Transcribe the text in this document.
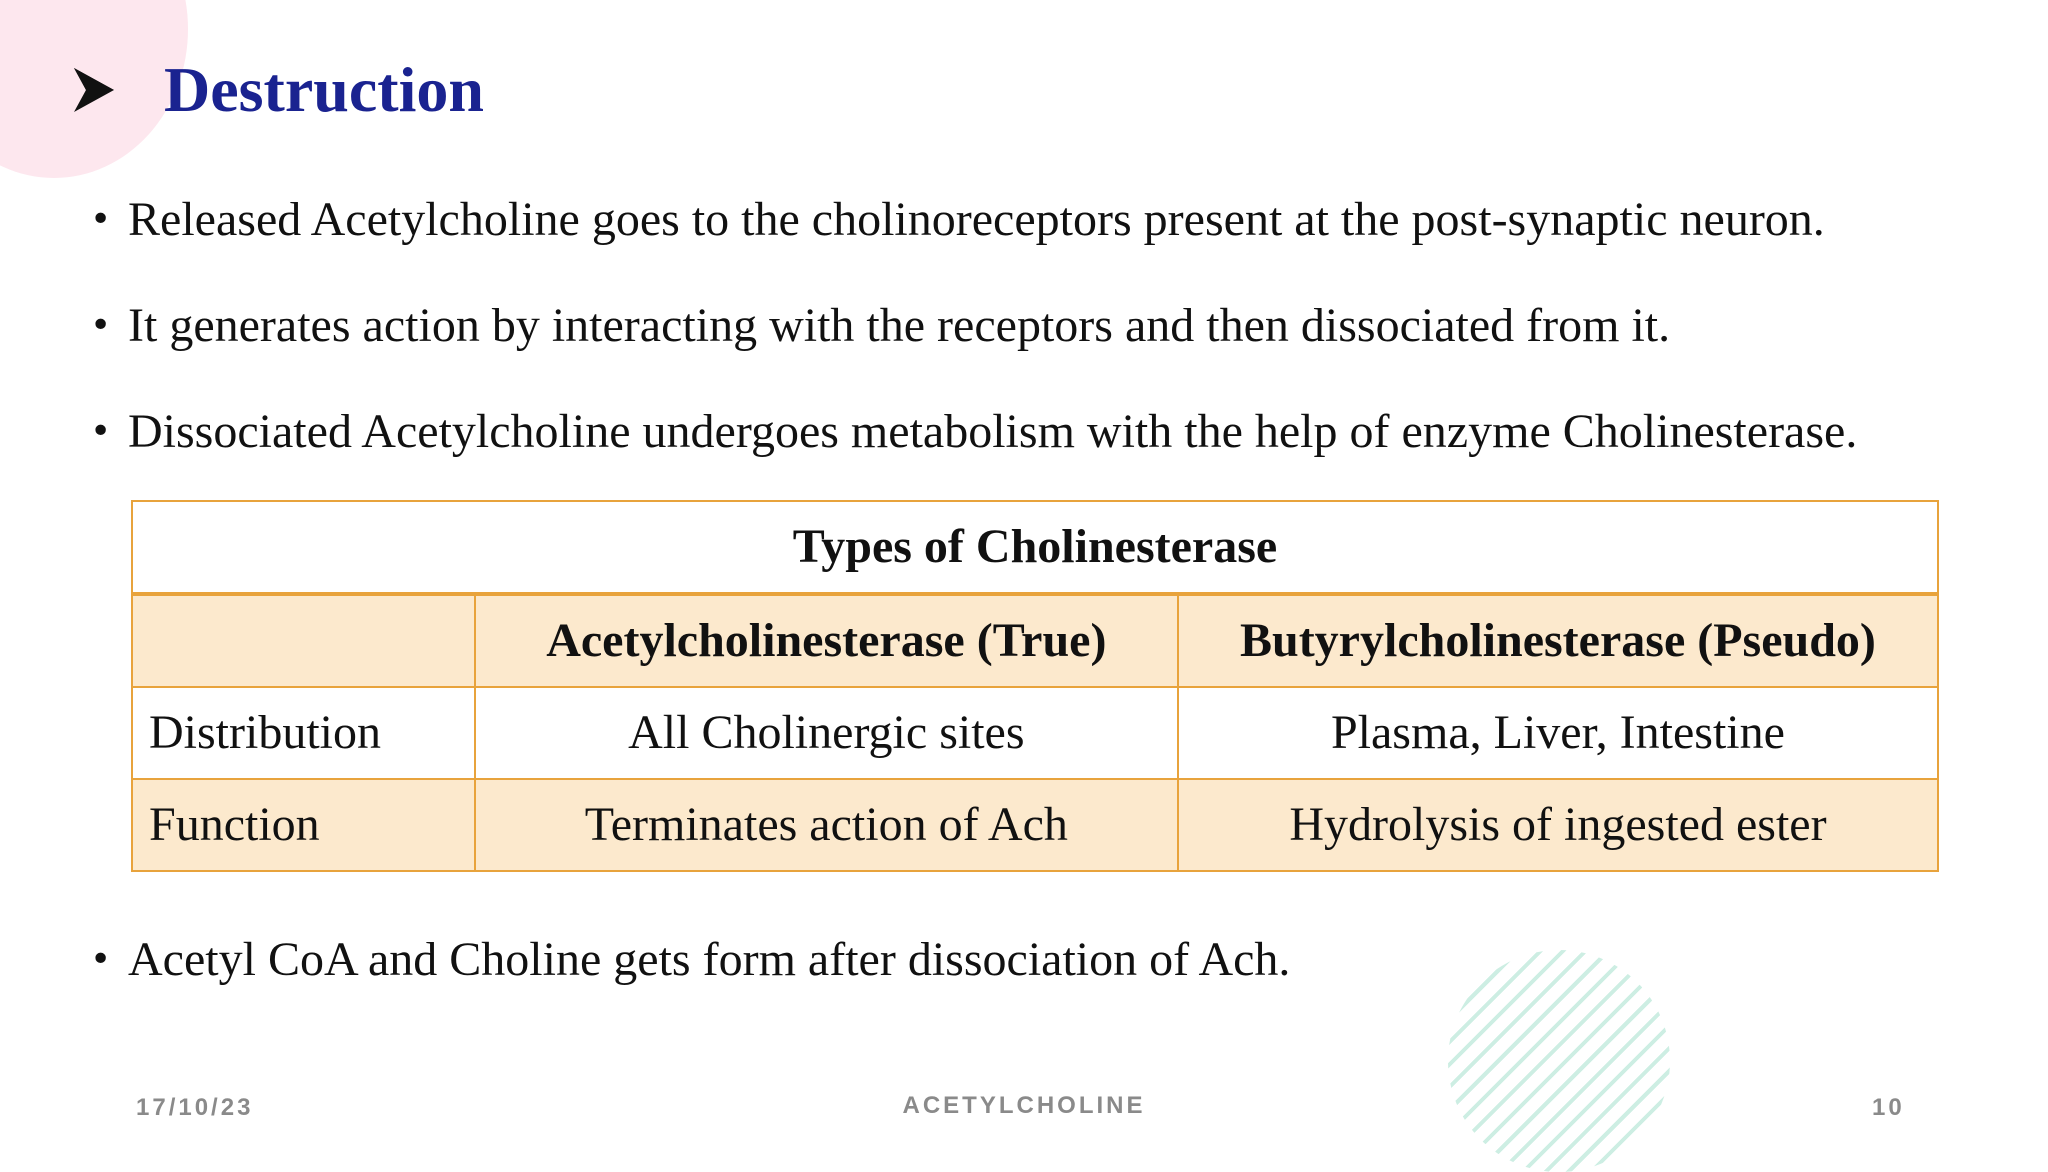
Destruction
• Released Acetylcholine goes to the cholinoreceptors present at the post-synaptic neuron.
• It generates action by interacting with the receptors and then dissociated from it.
• Dissociated Acetylcholine undergoes metabolism with the help of enzyme Cholinesterase.
Types of Cholinesterase		
	Acetylcholinesterase (True)	Butyrylcholinesterase (Pseudo)
Distribution	All Cholinergic sites	Plasma, Liver, Intestine
Function	Terminates action of Ach	Hydrolysis of ingested ester
• Acetyl CoA and Choline gets form after dissociation of Ach.
17/10/23	ACETYLCHOLINE	10
